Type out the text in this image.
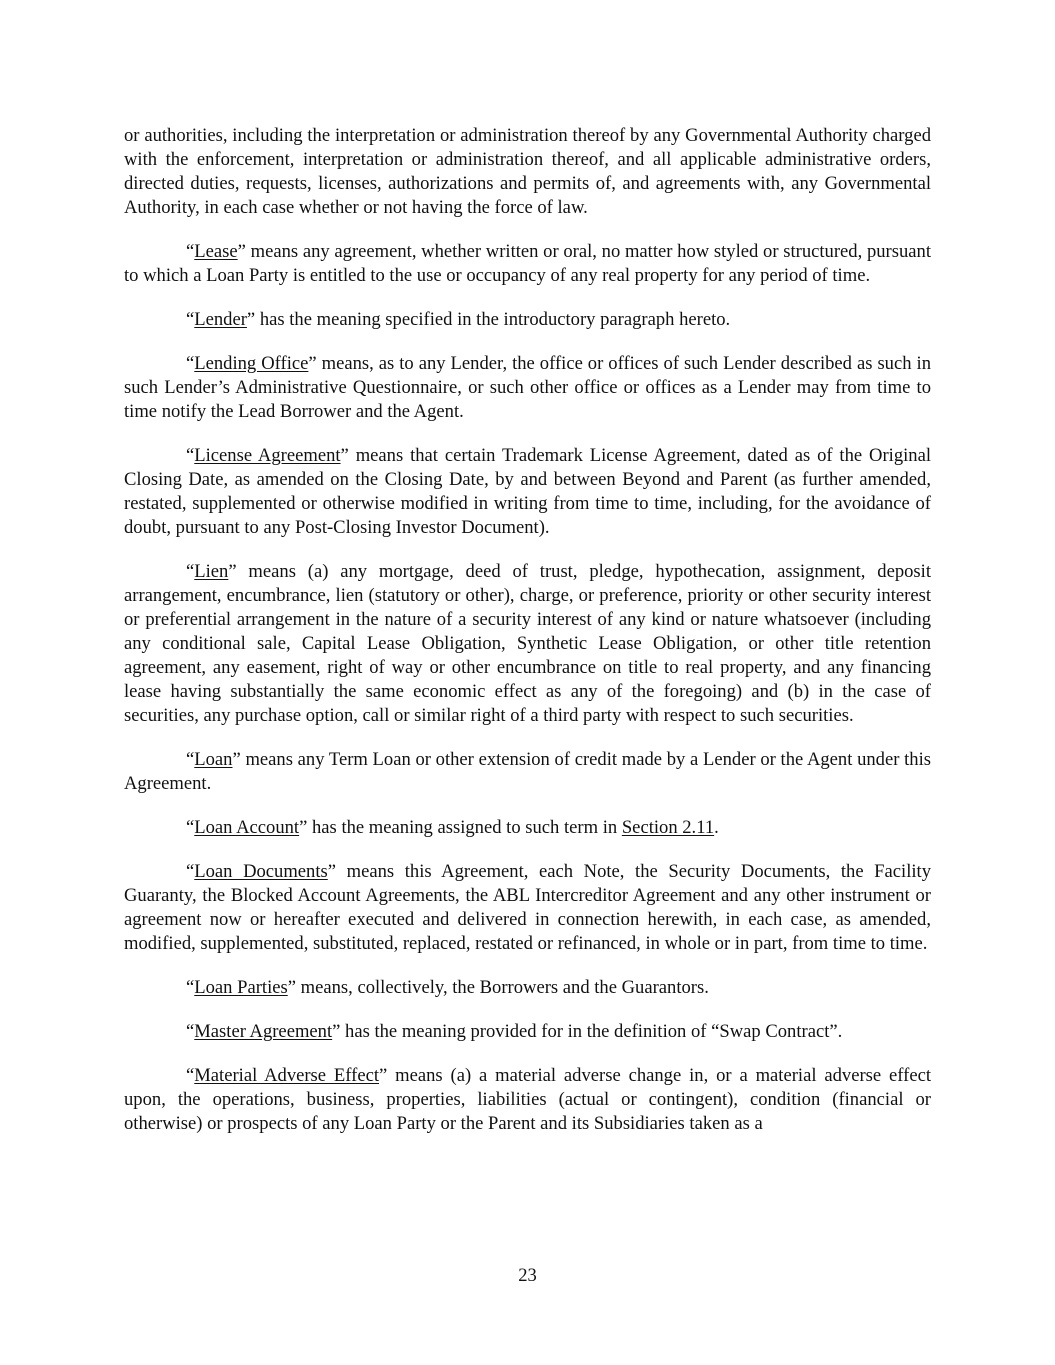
or authorities, including the interpretation or administration thereof by any Governmental Authority charged with the enforcement, interpretation or administration thereof, and all applicable administrative orders, directed duties, requests, licenses, authorizations and permits of, and agreements with, any Governmental Authority, in each case whether or not having the force of law.

“Lease” means any agreement, whether written or oral, no matter how styled or structured, pursuant to which a Loan Party is entitled to the use or occupancy of any real property for any period of time.

“Lender” has the meaning specified in the introductory paragraph hereto.

“Lending Office” means, as to any Lender, the office or offices of such Lender described as such in such Lender’s Administrative Questionnaire, or such other office or offices as a Lender may from time to time notify the Lead Borrower and the Agent.

“License Agreement” means that certain Trademark License Agreement, dated as of the Original Closing Date, as amended on the Closing Date, by and between Beyond and Parent (as further amended, restated, supplemented or otherwise modified in writing from time to time, including, for the avoidance of doubt, pursuant to any Post-Closing Investor Document).

“Lien” means (a) any mortgage, deed of trust, pledge, hypothecation, assignment, deposit arrangement, encumbrance, lien (statutory or other), charge, or preference, priority or other security interest or preferential arrangement in the nature of a security interest of any kind or nature whatsoever (including any conditional sale, Capital Lease Obligation, Synthetic Lease Obligation, or other title retention agreement, any easement, right of way or other encumbrance on title to real property, and any financing lease having substantially the same economic effect as any of the foregoing) and (b) in the case of securities, any purchase option, call or similar right of a third party with respect to such securities.

“Loan” means any Term Loan or other extension of credit made by a Lender or the Agent under this Agreement.

“Loan Account” has the meaning assigned to such term in Section 2.11.

“Loan Documents” means this Agreement, each Note, the Security Documents, the Facility Guaranty, the Blocked Account Agreements, the ABL Intercreditor Agreement and any other instrument or agreement now or hereafter executed and delivered in connection herewith, in each case, as amended, modified, supplemented, substituted, replaced, restated or refinanced, in whole or in part, from time to time.

“Loan Parties” means, collectively, the Borrowers and the Guarantors.

“Master Agreement” has the meaning provided for in the definition of “Swap Contract”.

“Material Adverse Effect” means (a) a material adverse change in, or a material adverse effect upon, the operations, business, properties, liabilities (actual or contingent), condition (financial or otherwise) or prospects of any Loan Party or the Parent and its Subsidiaries taken as a

23
